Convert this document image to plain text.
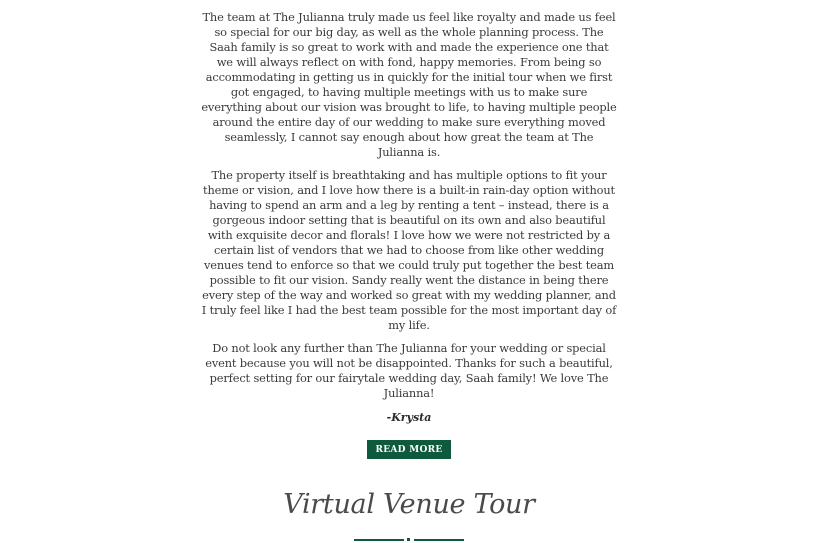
The team at The Julianna truly made us feel like royalty and made us feel so special for our big day, as well as the whole planning process. The Saah family is so great to work with and made the experience one that we will always reflect on with fond, happy memories. From being so accommodating in getting us in quickly for the initial tour when we first got engaged, to having multiple meetings with us to make sure everything about our vision was brought to life, to having multiple people around the entire day of our wedding to make sure everything moved seamlessly, I cannot say enough about how great the team at The Julianna is.

The property itself is breathtaking and has multiple options to fit your theme or vision, and I love how there is a built-in rain-day option without having to spend an arm and a leg by renting a tent – instead, there is a gorgeous indoor setting that is beautiful on its own and also beautiful with exquisite decor and florals! I love how we were not restricted by a certain list of vendors that we had to choose from like other wedding venues tend to enforce so that we could truly put together the best team possible to fit our vision. Sandy really went the distance in being there every step of the way and worked so great with my wedding planner, and I truly feel like I had the best team possible for the most important day of my life.

Do not look any further than The Julianna for your wedding or special event because you will not be disappointed. Thanks for such a beautiful, perfect setting for our fairytale wedding day, Saah family! We love The Julianna!

-Krysta
READ MORE
Virtual Venue Tour
